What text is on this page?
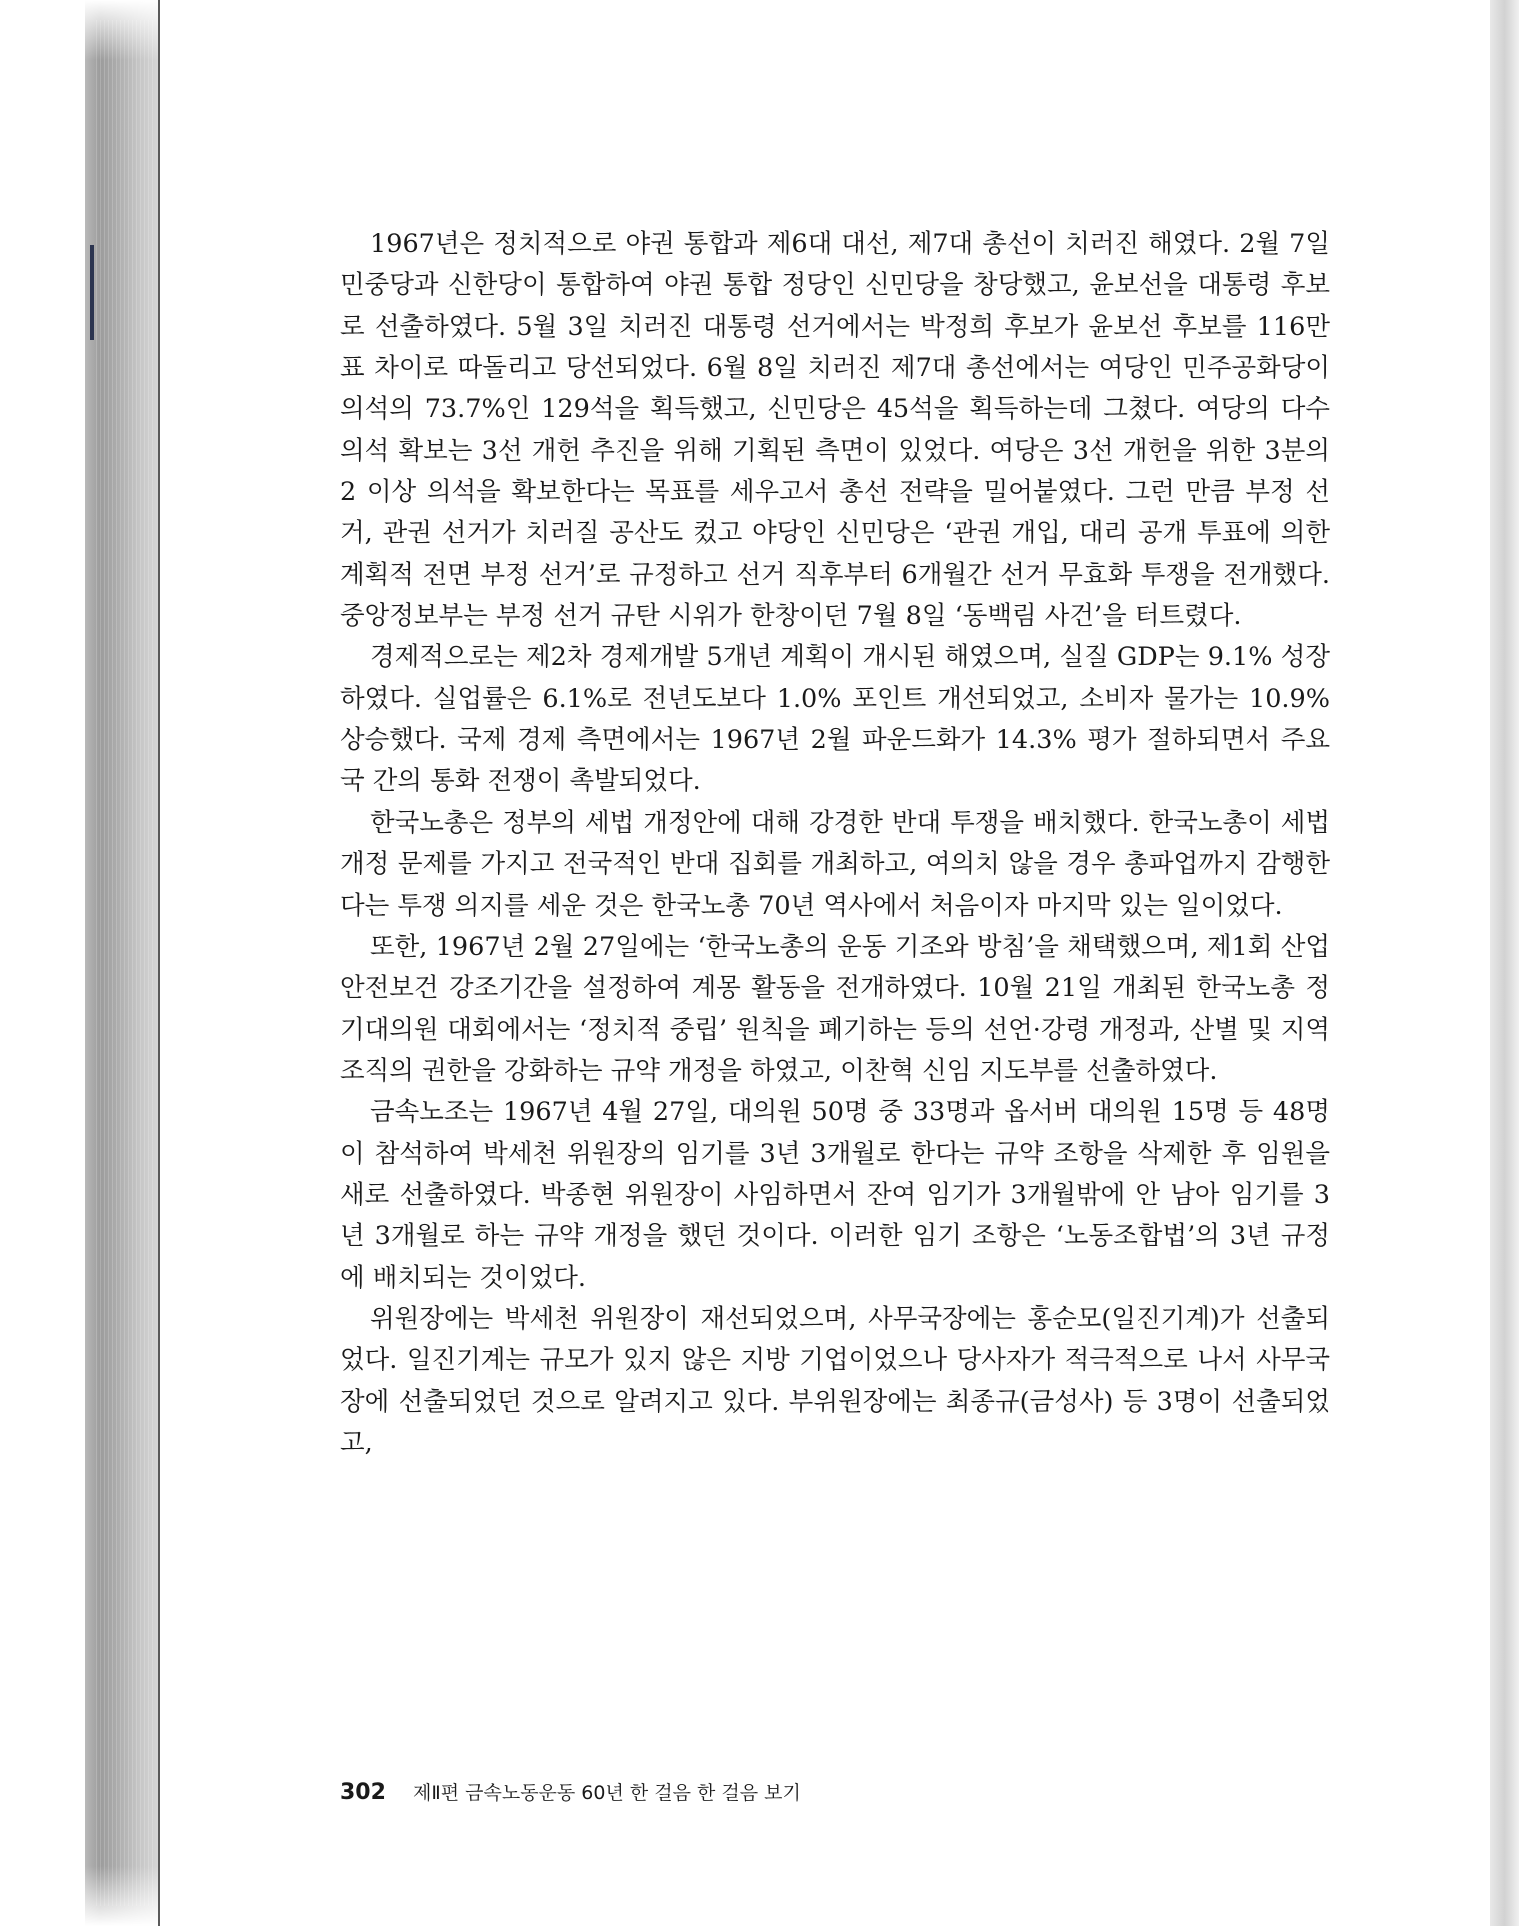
1967년은 정치적으로 야권 통합과 제6대 대선, 제7대 총선이 치러진 해였다. 2월 7일 민중당과 신한당이 통합하여 야권 통합 정당인 신민당을 창당했고, 윤보선을 대통령 후보로 선출하였다. 5월 3일 치러진 대통령 선거에서는 박정희 후보가 윤보선 후보를 116만 표 차이로 따돌리고 당선되었다. 6월 8일 치러진 제7대 총선에서는 여당인 민주공화당이 의석의 73.7%인 129석을 획득했고, 신민당은 45석을 획득하는데 그쳤다. 여당의 다수 의석 확보는 3선 개헌 추진을 위해 기획된 측면이 있었다. 여당은 3선 개헌을 위한 3분의 2 이상 의석을 확보한다는 목표를 세우고서 총선 전략을 밀어붙였다. 그런 만큼 부정 선거, 관권 선거가 치러질 공산도 컸고 야당인 신민당은 ‘관권 개입, 대리 공개 투표에 의한 계획적 전면 부정 선거’로 규정하고 선거 직후부터 6개월간 선거 무효화 투쟁을 전개했다. 중앙정보부는 부정 선거 규탄 시위가 한창이던 7월 8일 ‘동백림 사건’을 터트렸다.

경제적으로는 제2차 경제개발 5개년 계획이 개시된 해였으며, 실질 GDP는 9.1% 성장하였다. 실업률은 6.1%로 전년도보다 1.0% 포인트 개선되었고, 소비자 물가는 10.9% 상승했다. 국제 경제 측면에서는 1967년 2월 파운드화가 14.3% 평가 절하되면서 주요국 간의 통화 전쟁이 촉발되었다.

한국노총은 정부의 세법 개정안에 대해 강경한 반대 투쟁을 배치했다. 한국노총이 세법 개정 문제를 가지고 전국적인 반대 집회를 개최하고, 여의치 않을 경우 총파업까지 감행한다는 투쟁 의지를 세운 것은 한국노총 70년 역사에서 처음이자 마지막 있는 일이었다.

또한, 1967년 2월 27일에는 ‘한국노총의 운동 기조와 방침’을 채택했으며, 제1회 산업안전보건 강조기간을 설정하여 계몽 활동을 전개하였다. 10월 21일 개최된 한국노총 정기대의원 대회에서는 ‘정치적 중립’ 원칙을 폐기하는 등의 선언·강령 개정과, 산별 및 지역 조직의 권한을 강화하는 규약 개정을 하였고, 이찬혁 신임 지도부를 선출하였다.

금속노조는 1967년 4월 27일, 대의원 50명 중 33명과 옵서버 대의원 15명 등 48명이 참석하여 박세천 위원장의 임기를 3년 3개월로 한다는 규약 조항을 삭제한 후 임원을 새로 선출하였다. 박종현 위원장이 사임하면서 잔여 임기가 3개월밖에 안 남아 임기를 3년 3개월로 하는 규약 개정을 했던 것이다. 이러한 임기 조항은 ‘노동조합법’의 3년 규정에 배치되는 것이었다.

위원장에는 박세천 위원장이 재선되었으며, 사무국장에는 홍순모(일진기계)가 선출되었다. 일진기계는 규모가 있지 않은 지방 기업이었으나 당사자가 적극적으로 나서 사무국장에 선출되었던 것으로 알려지고 있다. 부위원장에는 최종규(금성사) 등 3명이 선출되었고,

302 제Ⅱ편 금속노동운동 60년 한 걸음 한 걸음 보기
